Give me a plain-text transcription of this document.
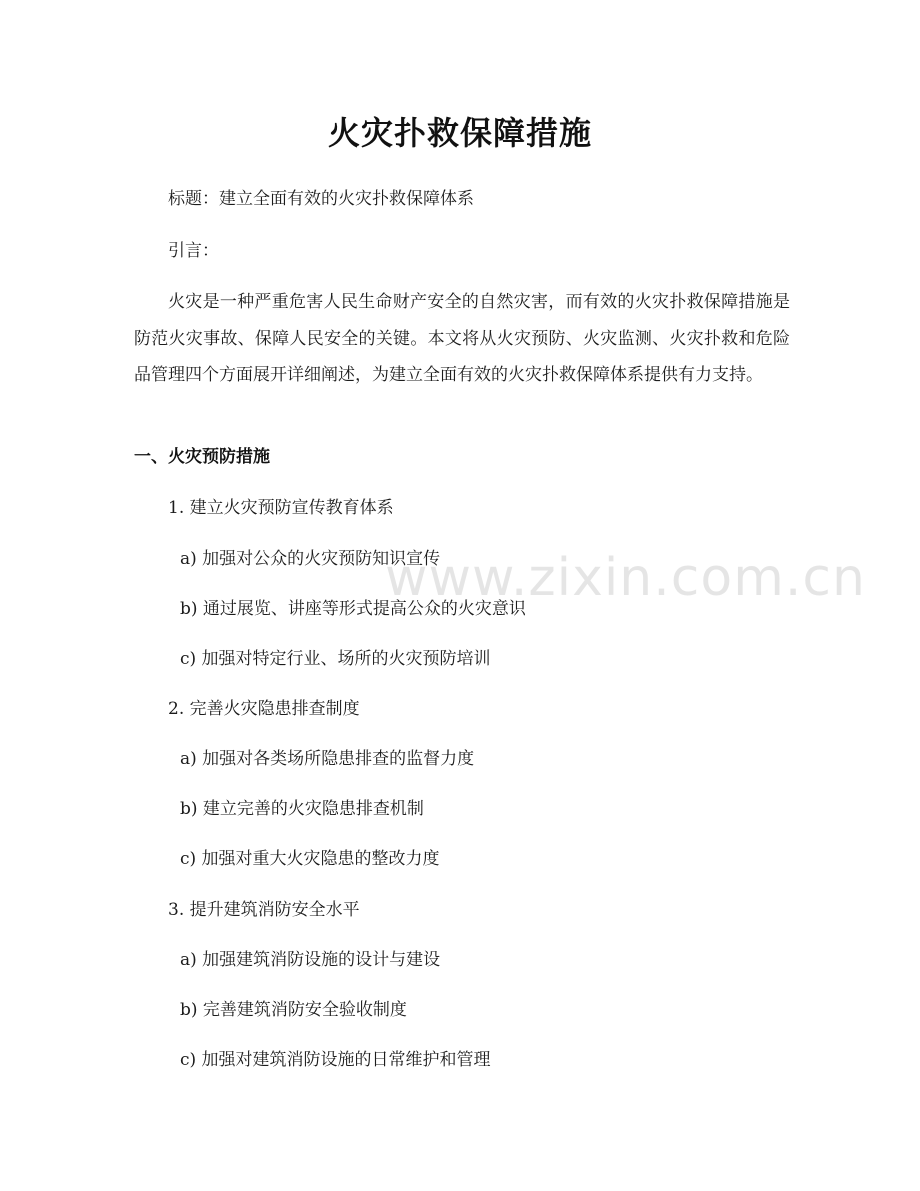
火灾扑救保障措施
标题：建立全面有效的火灾扑救保障体系
引言：

火灾是一种严重危害人民生命财产安全的自然灾害，而有效的火灾扑救保障措施是防范火灾事故、保障人民安全的关键。本文将从火灾预防、火灾监测、火灾扑救和危险品管理四个方面展开详细阐述，为建立全面有效的火灾扑救保障体系提供有力支持。

一、火灾预防措施
1. 建立火灾预防宣传教育体系
a) 加强对公众的火灾预防知识宣传
b) 通过展览、讲座等形式提高公众的火灾意识
c) 加强对特定行业、场所的火灾预防培训
2. 完善火灾隐患排查制度
a) 加强对各类场所隐患排查的监督力度
b) 建立完善的火灾隐患排查机制
c) 加强对重大火灾隐患的整改力度
3. 提升建筑消防安全水平
a) 加强建筑消防设施的设计与建设
b) 完善建筑消防安全验收制度
c) 加强对建筑消防设施的日常维护和管理
www.zixin.com.cn
